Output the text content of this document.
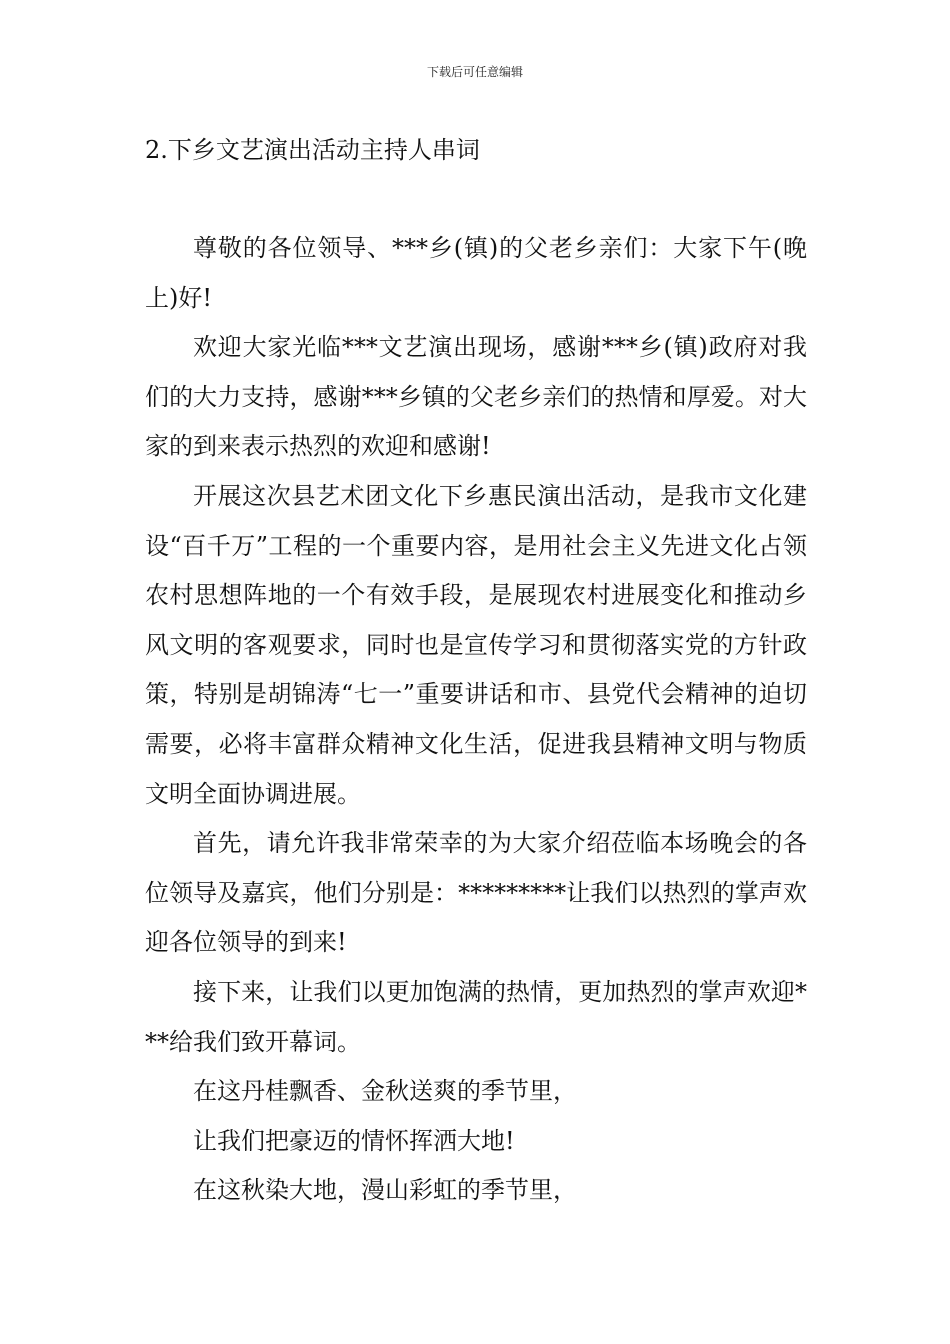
下载后可任意编辑
2.下乡文艺演出活动主持人串词

尊敬的各位领导、***乡(镇)的父老乡亲们：大家下午(晚上)好!

欢迎大家光临***文艺演出现场，感谢***乡(镇)政府对我们的大力支持，感谢***乡镇的父老乡亲们的热情和厚爱。对大家的到来表示热烈的欢迎和感谢!

开展这次县艺术团文化下乡惠民演出活动，是我市文化建设“百千万”工程的一个重要内容，是用社会主义先进文化占领农村思想阵地的一个有效手段，是展现农村进展变化和推动乡风文明的客观要求，同时也是宣传学习和贯彻落实党的方针政策，特别是胡锦涛“七一”重要讲话和市、县党代会精神的迫切需要，必将丰富群众精神文化生活，促进我县精神文明与物质文明全面协调进展。

首先，请允许我非常荣幸的为大家介绍莅临本场晚会的各位领导及嘉宾，他们分别是：*********让我们以热烈的掌声欢迎各位领导的到来!

接下来，让我们以更加饱满的热情，更加热烈的掌声欢迎***给我们致开幕词。

在这丹桂飘香、金秋送爽的季节里，

让我们把豪迈的情怀挥洒大地!

在这秋染大地，漫山彩虹的季节里，
